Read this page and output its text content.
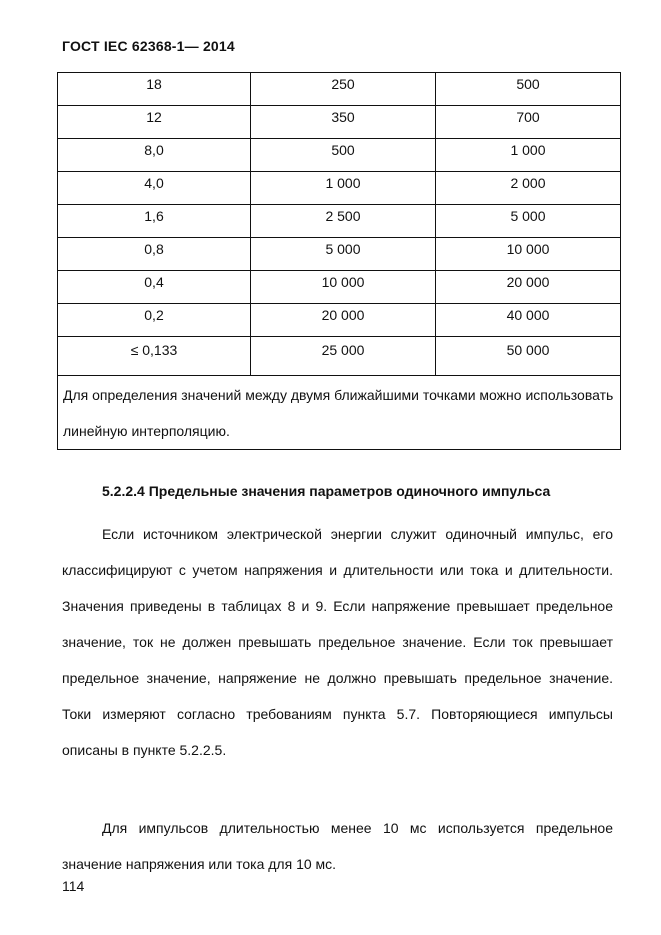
ГОСТ IEC 62368-1— 2014
18	250	500
12	350	700
8,0	500	1 000
4,0	1 000	2 000
1,6	2 500	5 000
0,8	5 000	10 000
0,4	10 000	20 000
0,2	20 000	40 000
≤ 0,133	25 000	50 000
Для определения значений между двумя ближайшими точками можно использовать линейную интерполяцию.		
5.2.2.4 Предельные значения параметров одиночного импульса

Если источником электрической энергии служит одиночный импульс, его классифицируют с учетом напряжения и длительности или тока и длительности. Значения приведены в таблицах 8 и 9. Если напряжение превышает предельное значение, ток не должен превышать предельное значение. Если ток превышает предельное значение, напряжение не должно превышать предельное значение. Токи измеряют согласно требованиям пункта 5.7. Повторяющиеся импульсы описаны в пункте 5.2.2.5.

Для импульсов длительностью менее 10 мс используется предельное значение напряжения или тока для 10 мс.

114
